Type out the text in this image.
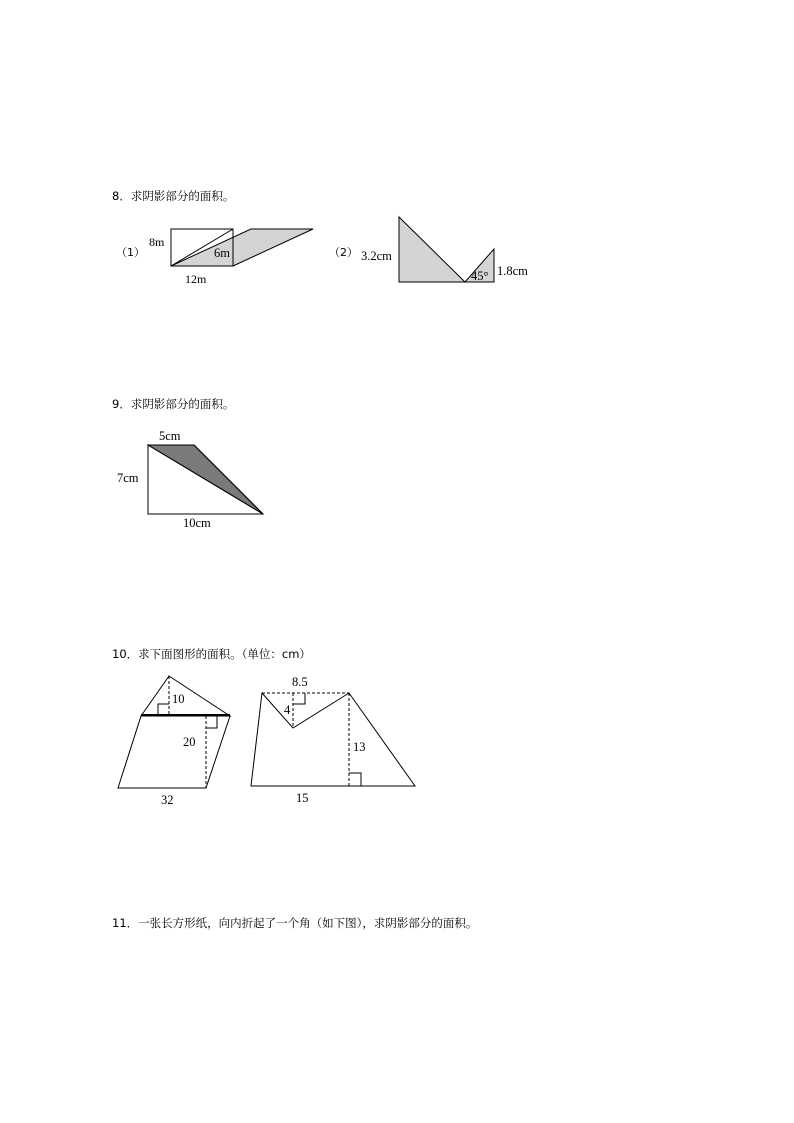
8．求阴影部分的面积。
9．求阴影部分的面积。
10．求下面图形的面积。（单位：cm）
11．一张长方形纸，向内折起了一个角（如下图），求阴影部分的面积。
（1）
8m
6m
12m
（2） 3.2cm
45° 1.8cm
5cm
7cm
10cm
10
20
32
8.5
4
13
15
